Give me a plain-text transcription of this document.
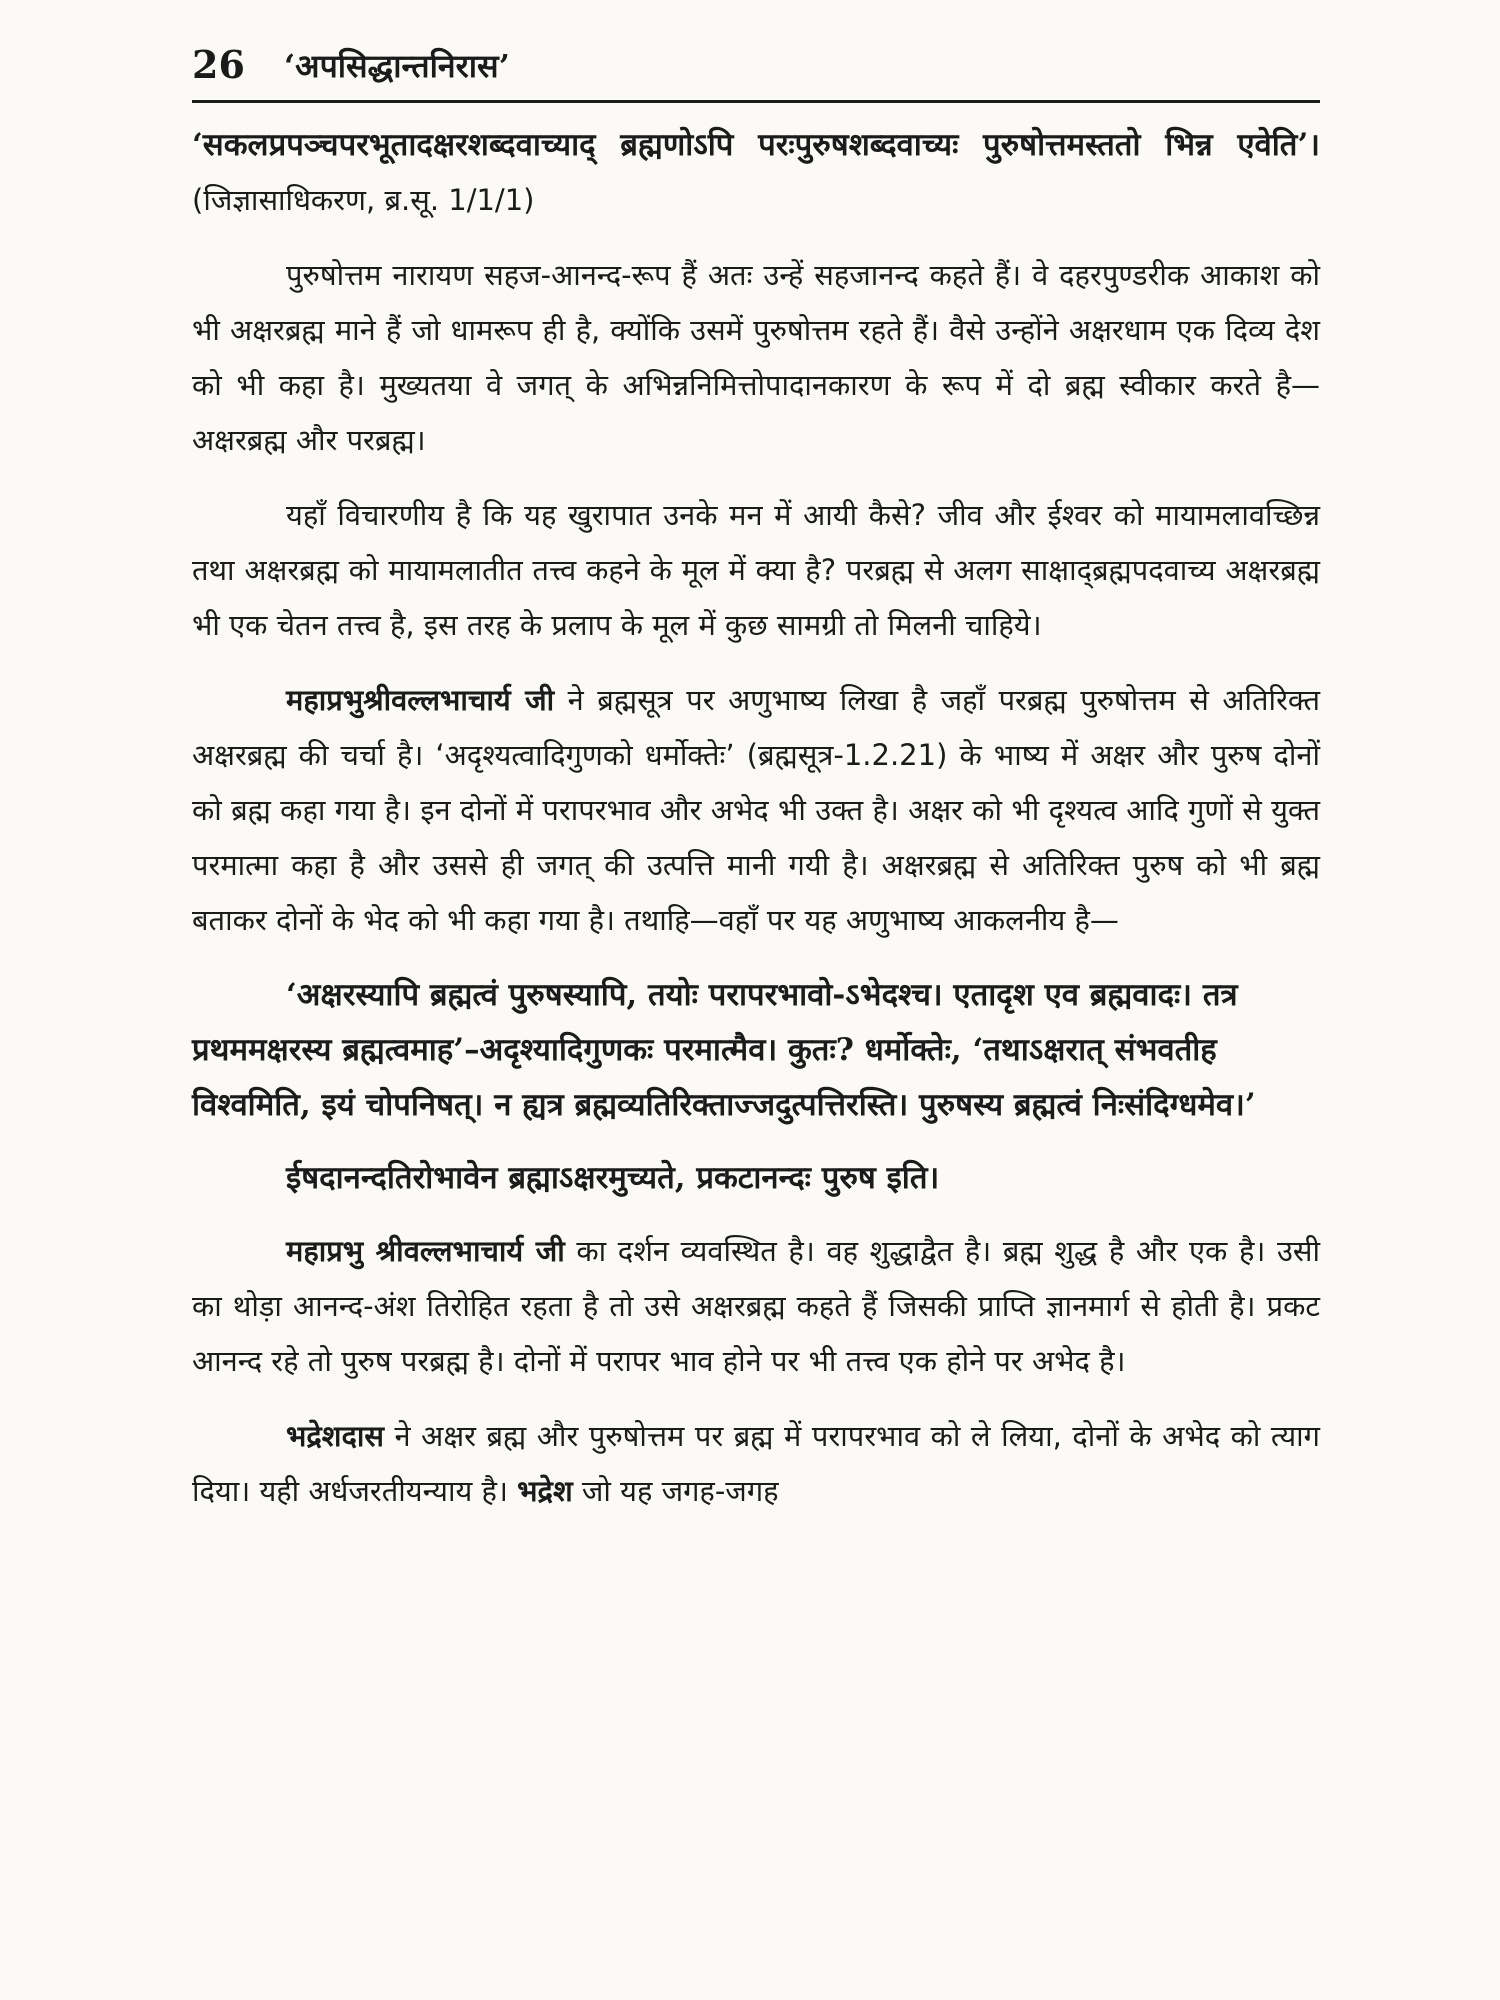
26 ‘अपसिद्धान्तनिरास’

‘सकलप्रपञ्चपरभूतादक्षरशब्दवाच्याद् ब्रह्मणोऽपि परःपुरुषशब्दवाच्यः पुरुषोत्तमस्ततो भिन्न एवेति’। (जिज्ञासाधिकरण, ब्र.सू. 1/1/1)

पुरुषोत्तम नारायण सहज-आनन्द-रूप हैं अतः उन्हें सहजानन्द कहते हैं। वे दहरपुण्डरीक आकाश को भी अक्षरब्रह्म माने हैं जो धामरूप ही है, क्योंकि उसमें पुरुषोत्तम रहते हैं। वैसे उन्होंने अक्षरधाम एक दिव्य देश को भी कहा है। मुख्यतया वे जगत् के अभिन्ननिमित्तोपादानकारण के रूप में दो ब्रह्म स्वीकार करते है—अक्षरब्रह्म और परब्रह्म।

यहाँ विचारणीय है कि यह खुरापात उनके मन में आयी कैसे? जीव और ईश्वर को मायामलावच्छिन्न तथा अक्षरब्रह्म को मायामलातीत तत्त्व कहने के मूल में क्या है? परब्रह्म से अलग साक्षाद्ब्रह्मपदवाच्य अक्षरब्रह्म भी एक चेतन तत्त्व है, इस तरह के प्रलाप के मूल में कुछ सामग्री तो मिलनी चाहिये।

महाप्रभुश्रीवल्लभाचार्य जी ने ब्रह्मसूत्र पर अणुभाष्य लिखा है जहाँ परब्रह्म पुरुषोत्तम से अतिरिक्त अक्षरब्रह्म की चर्चा है। ‘अदृश्यत्वादिगुणको धर्मोक्तेः’ (ब्रह्मसूत्र-1.2.21) के भाष्य में अक्षर और पुरुष दोनों को ब्रह्म कहा गया है। इन दोनों में परापरभाव और अभेद भी उक्त है। अक्षर को भी दृश्यत्व आदि गुणों से युक्त परमात्मा कहा है और उससे ही जगत् की उत्पत्ति मानी गयी है। अक्षरब्रह्म से अतिरिक्त पुरुष को भी ब्रह्म बताकर दोनों के भेद को भी कहा गया है। तथाहि—वहाँ पर यह अणुभाष्य आकलनीय है—

‘अक्षरस्यापि ब्रह्मत्वं पुरुषस्यापि, तयोः परापरभावो-ऽभेदश्च। एतादृश एव ब्रह्मवादः। तत्र प्रथममक्षरस्य ब्रह्मत्वमाह’–अदृश्यादिगुणकः परमात्मैव। कुतः? धर्मोक्तेः, ‘तथाऽक्षरात् संभवतीह विश्वमिति, इयं चोपनिषत्। न ह्यत्र ब्रह्मव्यतिरिक्ताज्जदुत्पत्तिरस्ति। पुरुषस्य ब्रह्मत्वं निःसंदिग्धमेव।’

ईषदानन्दतिरोभावेन ब्रह्माऽक्षरमुच्यते, प्रकटानन्दः पुरुष इति।

महाप्रभु श्रीवल्लभाचार्य जी का दर्शन व्यवस्थित है। वह शुद्धाद्वैत है। ब्रह्म शुद्ध है और एक है। उसी का थोड़ा आनन्द-अंश तिरोहित रहता है तो उसे अक्षरब्रह्म कहते हैं जिसकी प्राप्ति ज्ञानमार्ग से होती है। प्रकट आनन्द रहे तो पुरुष परब्रह्म है। दोनों में परापर भाव होने पर भी तत्त्व एक होने पर अभेद है।

भद्रेशदास ने अक्षर ब्रह्म और पुरुषोत्तम पर ब्रह्म में परापरभाव को ले लिया, दोनों के अभेद को त्याग दिया। यही अर्धजरतीयन्याय है। भद्रेश जो यह जगह-जगह
